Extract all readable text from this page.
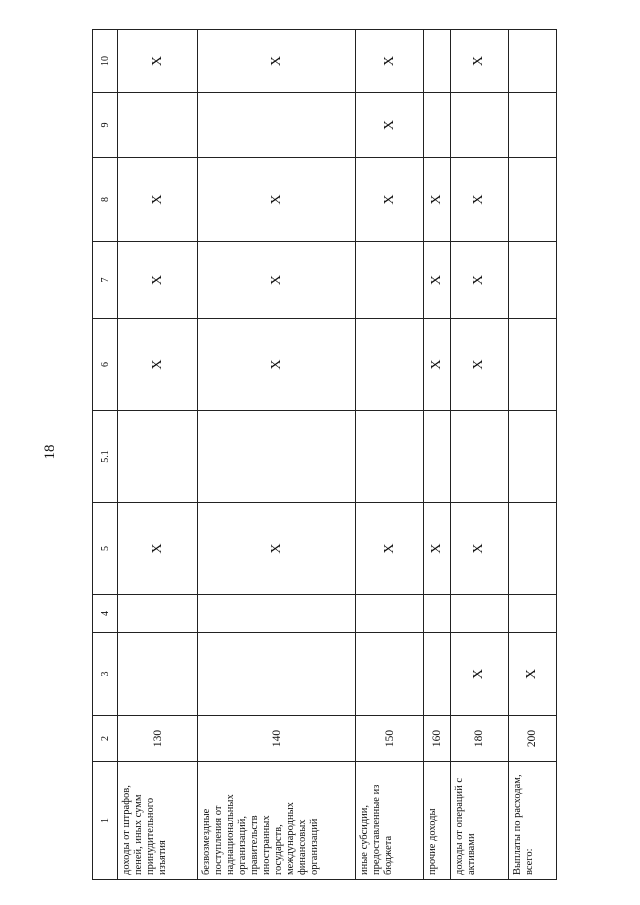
18
1	2	3	4	5	5.1	6	7	8	9	10
доходы от штрафов, пеней, иных сумм принудительного изъятия	130			X		X	X	X		X
безвозмездные поступления от наднациональных организаций, правительств иностранных государств, международных финансовых организаций	140			X		X	X	X		X
иные субсидии, предоставленные из бюджета	150			X				X	X	X
прочие доходы	160			X		X	X	X		
доходы от операций с активами	180	X		X		X	X	X		X
Выплаты по расходам, всего:	200	X								
